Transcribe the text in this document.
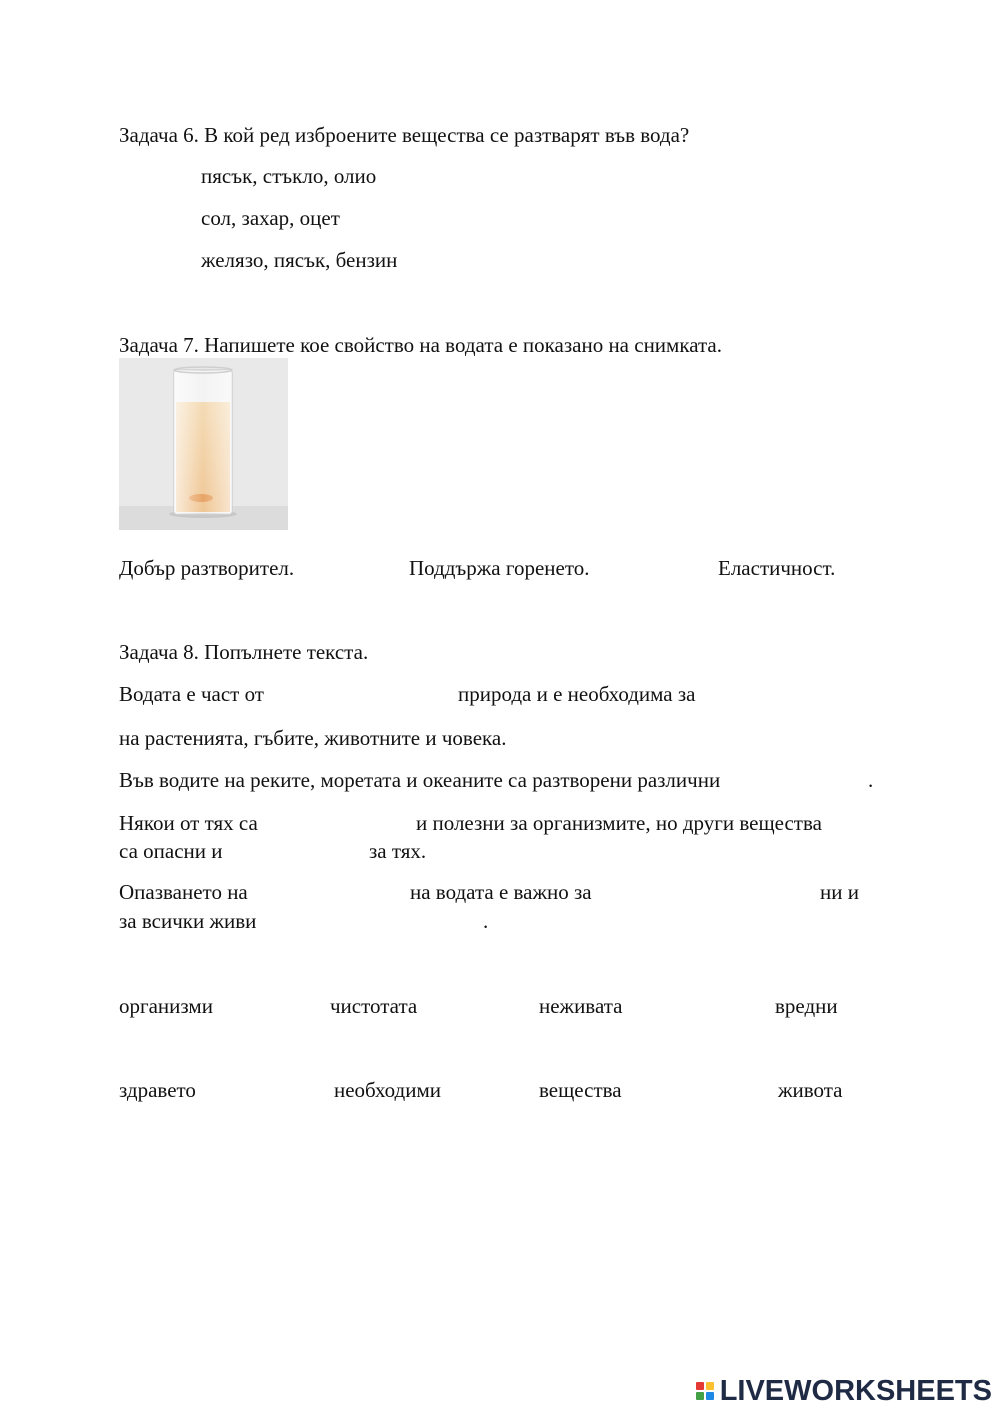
Задача 6. В кой ред изброените вещества се разтварят във вода?
пясък, стъкло, олио
сол, захар, оцет
желязо, пясък, бензин
Задача 7. Напишете кое свойство на водата е показано на снимката.
Добър разтворител.	Поддържа горенето.	Еластичност.
Задача 8. Попълнете текста.
Водата е част от	природа и е необходима за
на растенията, гъбите, животните и човека.
Във водите на реките, моретата и океаните са разтворени различни	.
Някои от тях са	и полезни за организмите, но други вещества
са опасни и	за тях.
Опазването на	на водата е важно за	ни и
за всички живи	.
организми	чистотата	неживата	вредни
здравето	необходими	вещества	живота
LIVEWORKSHEETS
